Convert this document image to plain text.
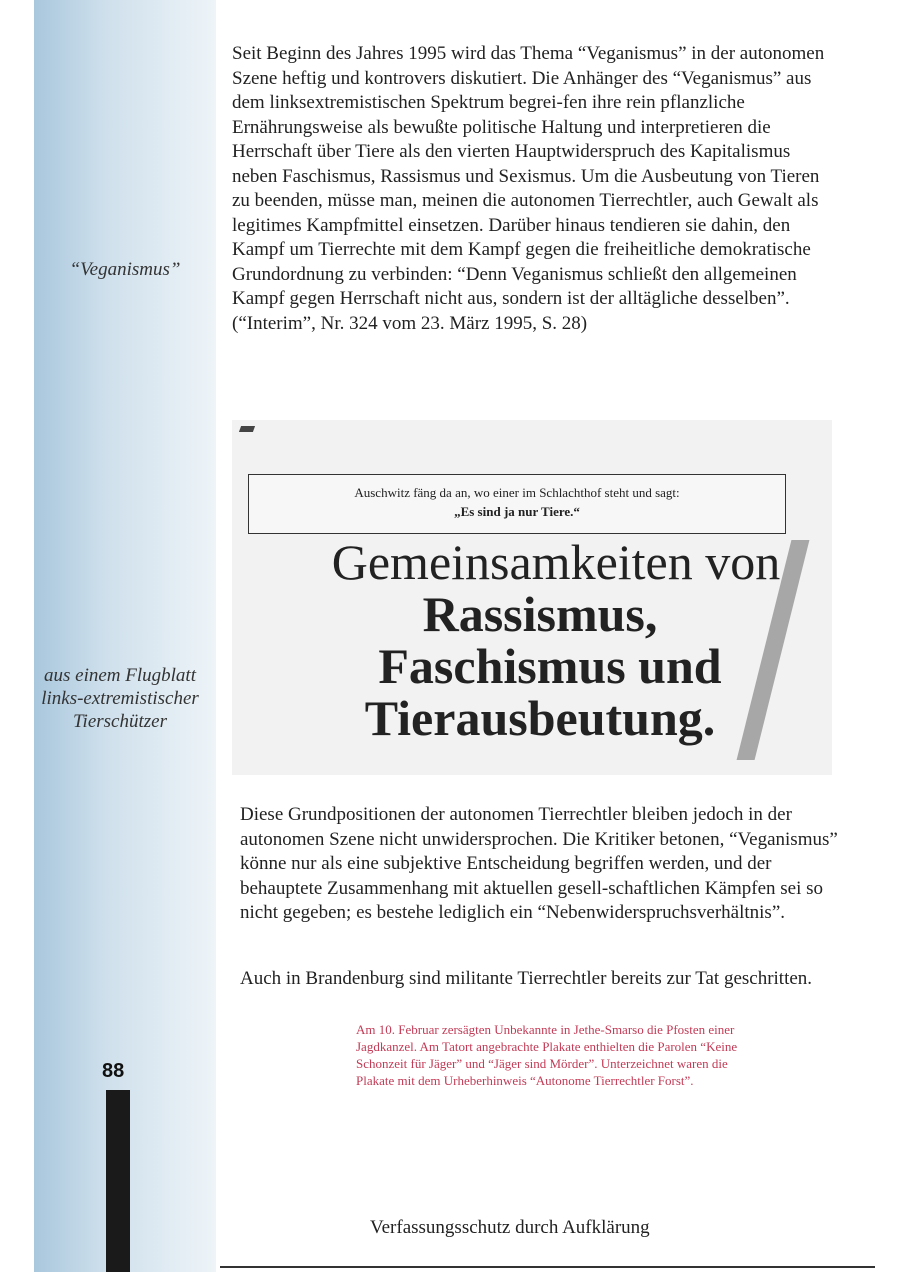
“Veganismus”
aus einem Flugblatt links-extremistischer Tierschützer
88

Seit Beginn des Jahres 1995 wird das Thema “Veganismus” in der autonomen Szene heftig und kontrovers diskutiert. Die Anhänger des “Veganismus” aus dem linksextremistischen Spektrum begrei-fen ihre rein pflanzliche Ernährungsweise als bewußte politische Haltung und interpretieren die Herrschaft über Tiere als den vierten Hauptwiderspruch des Kapitalismus neben Faschismus, Rassismus und Sexismus. Um die Ausbeutung von Tieren zu beenden, müsse man, meinen die autonomen Tierrechtler, auch Gewalt als legitimes Kampfmittel einsetzen. Darüber hinaus tendieren sie dahin, den Kampf um Tierrechte mit dem Kampf gegen die freiheitliche demokratische Grundordnung zu verbinden: “Denn Veganismus schließt den allgemeinen Kampf gegen Herrschaft nicht aus, sondern ist der alltägliche desselben”. (“Interim”, Nr. 324 vom 23. März 1995, S. 28)

Auschwitz fäng da an, wo einer im Schlachthof steht und sagt:
„Es sind ja nur Tiere.“
Gemeinsamkeiten von
Rassismus,
Faschismus und
Tierausbeutung.

Diese Grundpositionen der autonomen Tierrechtler bleiben jedoch in der autonomen Szene nicht unwidersprochen. Die Kritiker betonen, “Veganismus” könne nur als eine subjektive Entscheidung begriffen werden, und der behauptete Zusammenhang mit aktuellen gesell-schaftlichen Kämpfen sei so nicht gegeben; es bestehe lediglich ein “Nebenwiderspruchsverhältnis”.

Auch in Brandenburg sind militante Tierrechtler bereits zur Tat geschritten.

Am 10. Februar zersägten Unbekannte in Jethe-Smarso die Pfosten einer Jagdkanzel. Am Tatort angebrachte Plakate enthielten die Parolen “Keine Schonzeit für Jäger” und “Jäger sind Mörder”. Unterzeichnet waren die Plakate mit dem Urheberhinweis “Autonome Tierrechtler Forst”.
Verfassungsschutz durch Aufklärung
